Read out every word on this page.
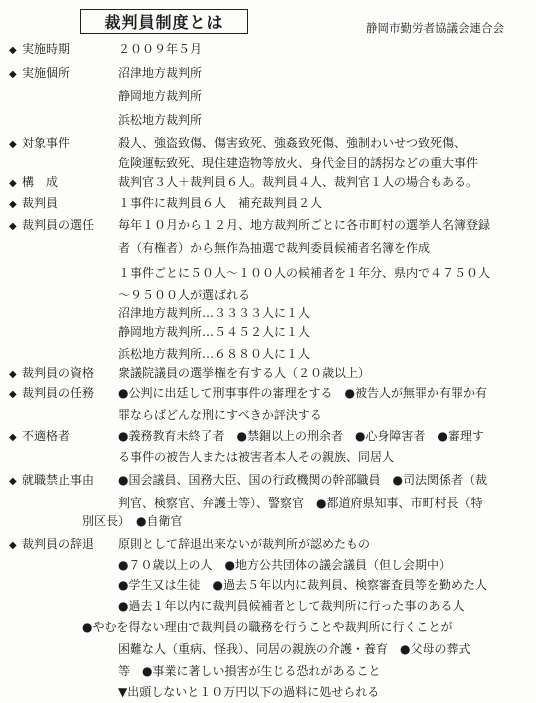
裁判員制度とは	静岡市勤労者協議会連合会
◆ 実施時期	２００９年５月
◆ 実施個所	沼津地方裁判所
静岡地方裁判所
浜松地方裁判所
◆ 対象事件	殺人、強盗致傷、傷害致死、強姦致死傷、強制わいせつ致死傷、
危険運転致死、現住建造物等放火、身代金目的誘拐などの重大事件
◆ 構　成	裁判官３人＋裁判員６人。裁判員４人、裁判官１人の場合もある。
◆ 裁判員	１事件に裁判員６人　補充裁判員２人
◆ 裁判員の選任	毎年１０月から１２月、地方裁判所ごとに各市町村の選挙人名簿登録
者（有権者）から無作為抽選で裁判委員候補者名簿を作成
１事件ごとに５０人～１００人の候補者を１年分、県内で４７５０人
～９５００人が選ばれる
沼津地方裁判所…３３３３人に１人
静岡地方裁判所…５４５２人に１人
浜松地方裁判所…６８８０人に１人
◆ 裁判員の資格	衆議院議員の選挙権を有する人（２０歳以上）
◆ 裁判員の任務	●公判に出廷して刑事事件の審理をする　●被告人が無罪か有罪か有
罪ならばどんな刑にすべきか評決する
◆ 不適格者	●義務教育未終了者　●禁錮以上の刑余者　●心身障害者　●審理す
る事件の被告人または被害者本人その親族、同居人
◆ 就職禁止事由	●国会議員、国務大臣、国の行政機関の幹部職員　●司法関係者（裁
判官、検察官、弁護士等）、警察官　●都道府県知事、市町村長（特
別区長）　●自衛官
◆ 裁判員の辞退	原則として辞退出来ないが裁判所が認めたもの
●７０歳以上の人　●地方公共団体の議会議員（但し会期中）
●学生又は生徒　●過去５年以内に裁判員、検察審査員等を勤めた人
●過去１年以内に裁判員候補者として裁判所に行った事のある人
●やむを得ない理由で裁判員の職務を行うことや裁判所に行くことが
困難な人（重病、怪我）、同居の親族の介護・養育　●父母の葬式
等　●事業に著しい損害が生じる恐れがあること
▼出頭しないと１０万円以下の過料に処せられる
